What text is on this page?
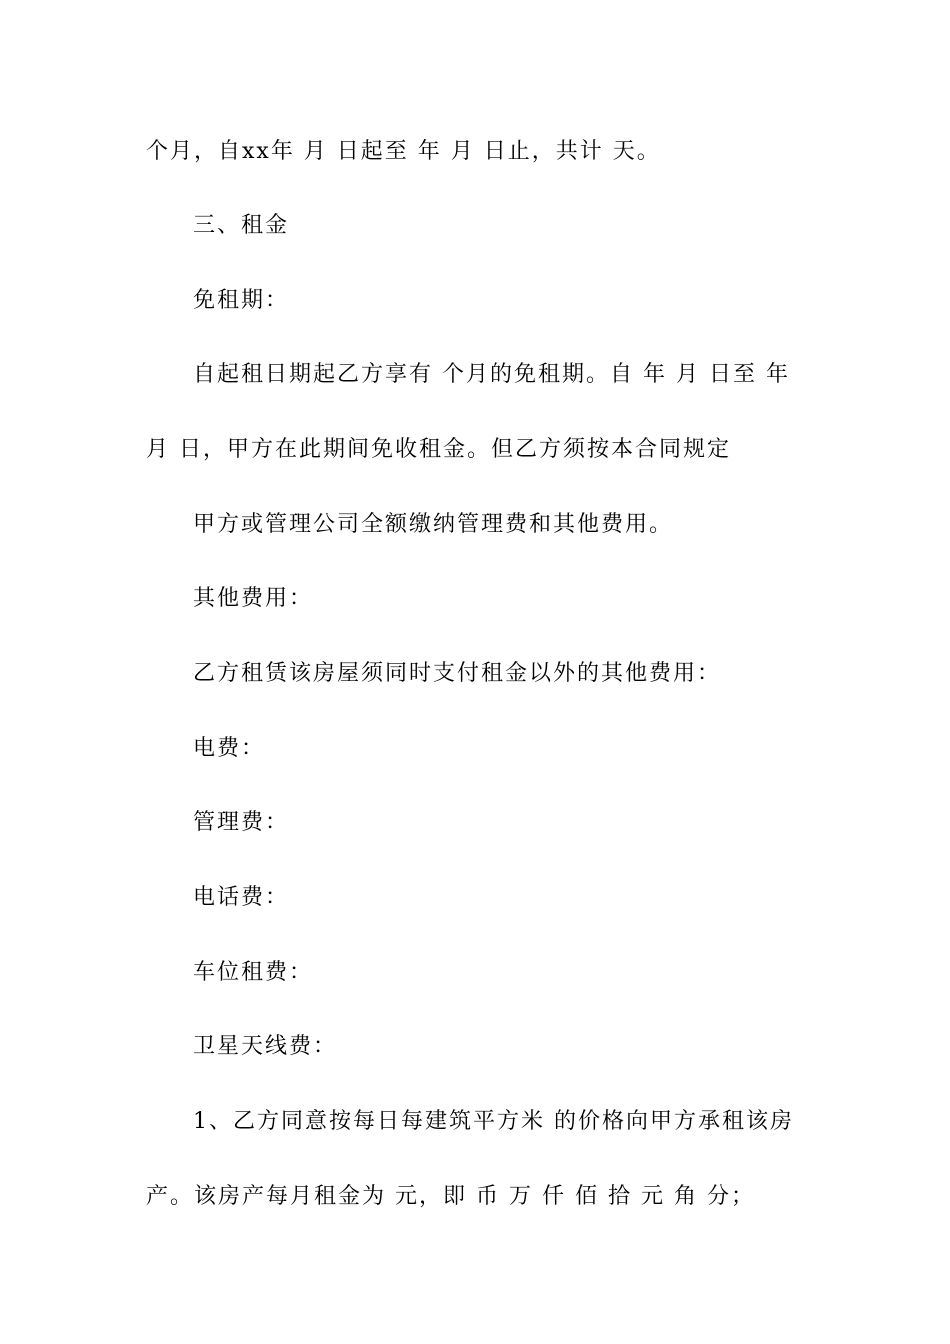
个月，自xx年 月 日起至 年 月 日止，共计 天。

三、租金

免租期：

自起租日期起乙方享有 个月的免租期。自 年 月 日至 年

月 日，甲方在此期间免收租金。但乙方须按本合同规定

甲方或管理公司全额缴纳管理费和其他费用。

其他费用：

乙方租赁该房屋须同时支付租金以外的其他费用：

电费：

管理费：

电话费：

车位租费：

卫星天线费：

1、乙方同意按每日每建筑平方米 的价格向甲方承租该房

产。该房产每月租金为 元，即 币 万 仟 佰 拾 元 角 分；
